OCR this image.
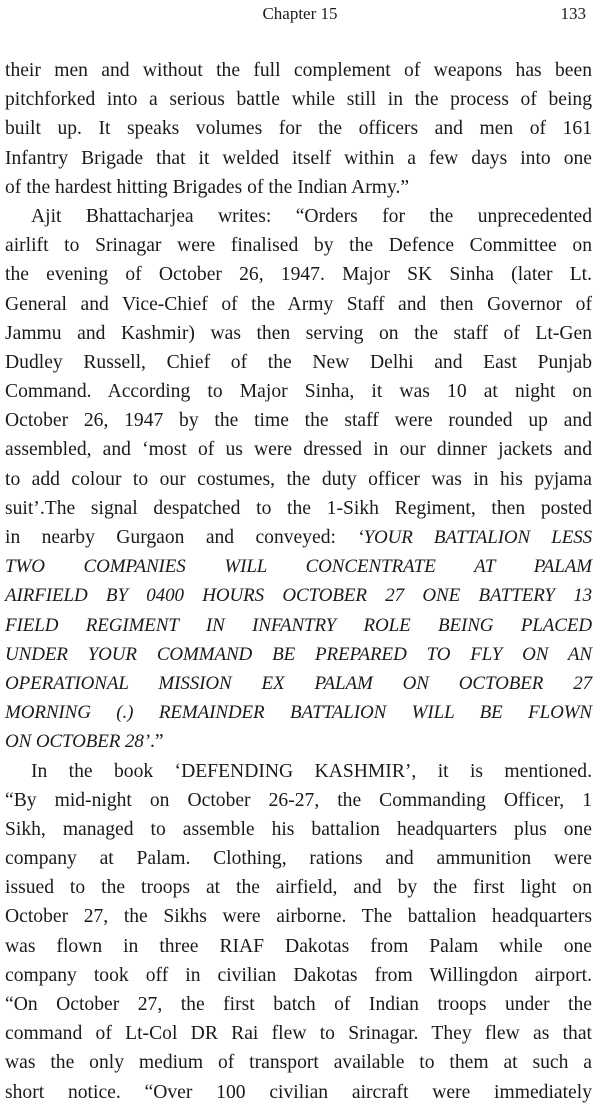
Chapter 15	133
their men and without the full complement of weapons has been
pitchforked into a serious battle while still in the process of being
built up. It speaks volumes for the officers and men of 161
Infantry Brigade that it welded itself within a few days into one
of the hardest hitting Brigades of the Indian Army.”
Ajit Bhattacharjea writes: “Orders for the unprecedented
airlift to Srinagar were finalised by the Defence Committee on
the evening of October 26, 1947. Major SK Sinha (later Lt.
General and Vice-Chief of the Army Staff and then Governor of
Jammu and Kashmir) was then serving on the staff of Lt-Gen
Dudley Russell, Chief of the New Delhi and East Punjab
Command. According to Major Sinha, it was 10 at night on
October 26, 1947 by the time the staff were rounded up and
assembled, and ‘most of us were dressed in our dinner jackets and
to add colour to our costumes, the duty officer was in his pyjama
suit’.The signal despatched to the 1-Sikh Regiment, then posted
in nearby Gurgaon and conveyed: ‘YOUR BATTALION LESS
TWO COMPANIES WILL CONCENTRATE AT PALAM
AIRFIELD BY 0400 HOURS OCTOBER 27 ONE BATTERY 13
FIELD REGIMENT IN INFANTRY ROLE BEING PLACED
UNDER YOUR COMMAND BE PREPARED TO FLY ON AN
OPERATIONAL MISSION EX PALAM ON OCTOBER 27
MORNING (.) REMAINDER BATTALION WILL BE FLOWN
ON OCTOBER 28’.”
In the book ‘DEFENDING KASHMIR’, it is mentioned.
“By mid-night on October 26-27, the Commanding Officer, 1
Sikh, managed to assemble his battalion headquarters plus one
company at Palam. Clothing, rations and ammunition were
issued to the troops at the airfield, and by the first light on
October 27, the Sikhs were airborne. The battalion headquarters
was flown in three RIAF Dakotas from Palam while one
company took off in civilian Dakotas from Willingdon airport.
“On October 27, the first batch of Indian troops under the
command of Lt-Col DR Rai flew to Srinagar. They flew as that
was the only medium of transport available to them at such a
short notice. “Over 100 civilian aircraft were immediately
